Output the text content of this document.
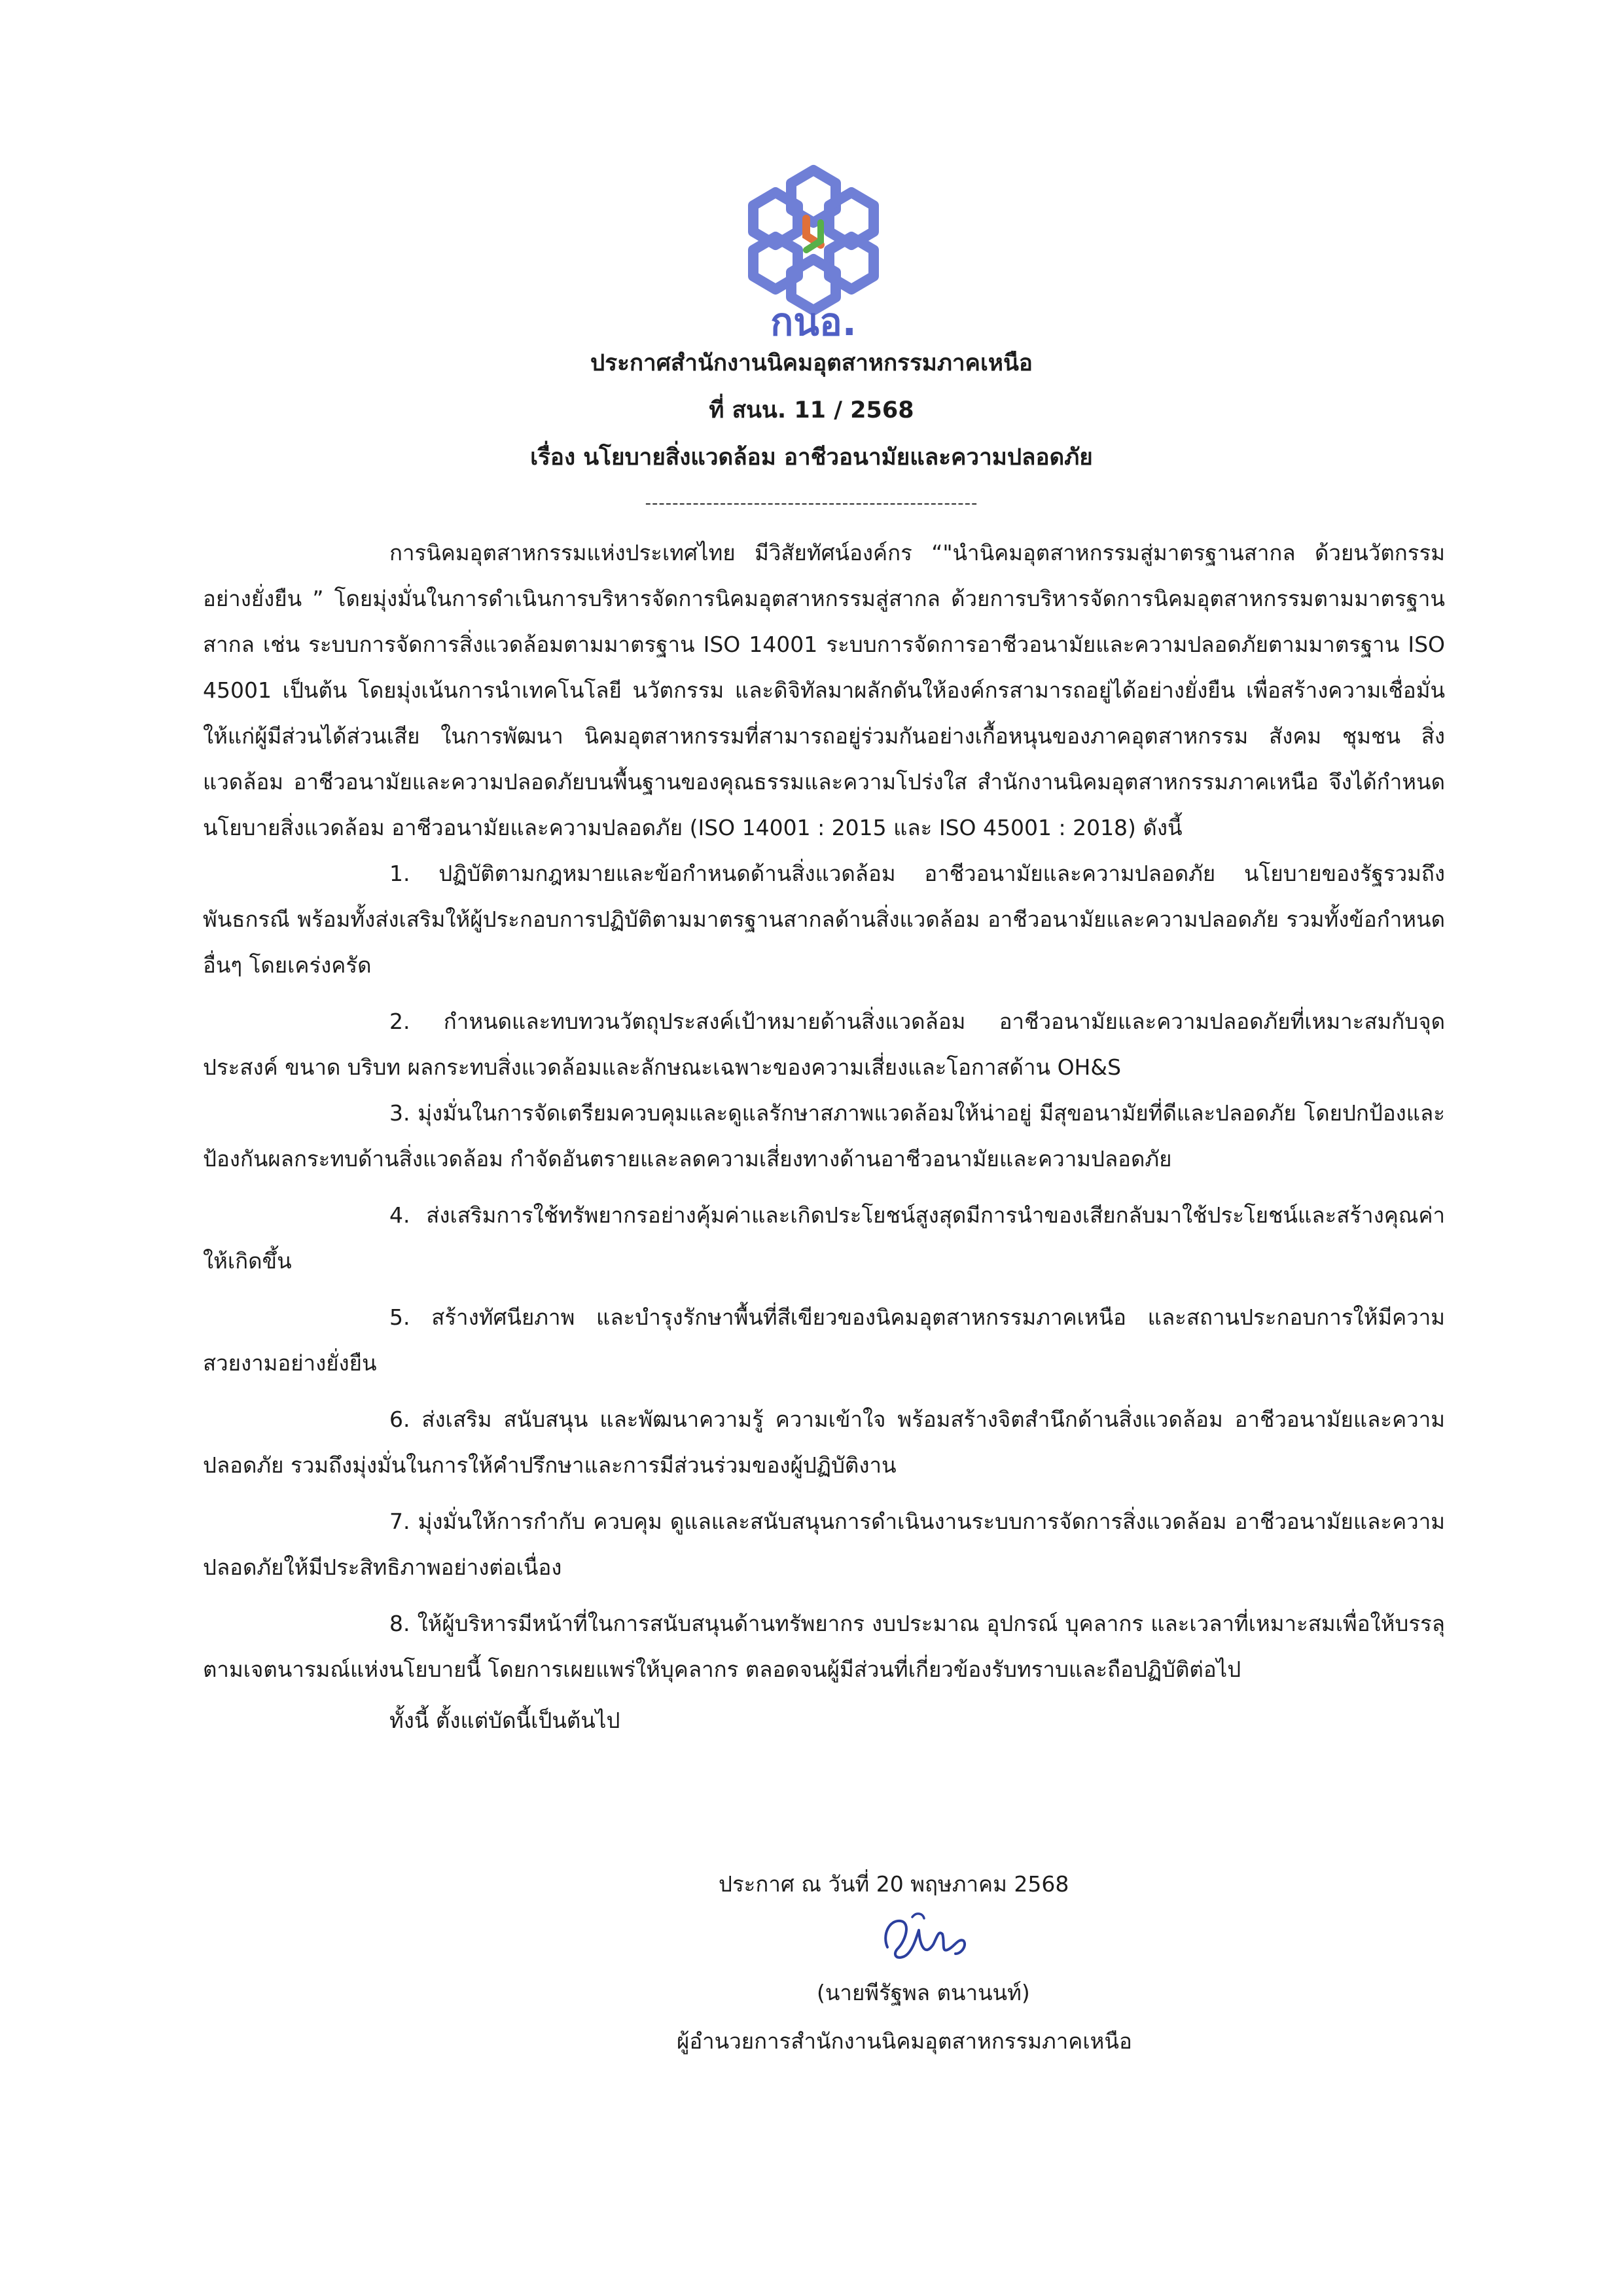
กนอ.
ประกาศสำนักงานนิคมอุตสาหกรรมภาคเหนือ
ที่ สนน. 11 / 2568
เรื่อง นโยบายสิ่งแวดล้อม อาชีวอนามัยและความปลอดภัย
-------------------------------------------------

การนิคมอุตสาหกรรมแห่งประเทศไทย มีวิสัยทัศน์องค์กร “"นำนิคมอุตสาหกรรมสู่มาตรฐานสากล ด้วยนวัตกรรมอย่างยั่งยืน ” โดยมุ่งมั่นในการดำเนินการบริหารจัดการนิคมอุตสาหกรรมสู่สากล ด้วยการบริหารจัดการนิคมอุตสาหกรรมตามมาตรฐานสากล เช่น ระบบการจัดการสิ่งแวดล้อมตามมาตรฐาน ISO 14001 ระบบการจัดการอาชีวอนามัยและความปลอดภัยตามมาตรฐาน ISO 45001 เป็นต้น โดยมุ่งเน้นการนำเทคโนโลยี นวัตกรรม และดิจิทัลมาผลักดันให้องค์กรสามารถอยู่ได้อย่างยั่งยืน เพื่อสร้างความเชื่อมั่นให้แก่ผู้มีส่วนได้ส่วนเสีย ในการพัฒนา นิคมอุตสาหกรรมที่สามารถอยู่ร่วมกันอย่างเกื้อหนุนของภาคอุตสาหกรรม สังคม ชุมชน สิ่งแวดล้อม อาชีวอนามัยและความปลอดภัยบนพื้นฐานของคุณธรรมและความโปร่งใส สำนักงานนิคมอุตสาหกรรมภาคเหนือ จึงได้กำหนดนโยบายสิ่งแวดล้อม อาชีวอนามัยและความปลอดภัย (ISO 14001 : 2015 และ ISO 45001 : 2018) ดังนี้

1. ปฏิบัติตามกฎหมายและข้อกำหนดด้านสิ่งแวดล้อม อาชีวอนามัยและความปลอดภัย นโยบายของรัฐรวมถึงพันธกรณี พร้อมทั้งส่งเสริมให้ผู้ประกอบการปฏิบัติตามมาตรฐานสากลด้านสิ่งแวดล้อม อาชีวอนามัยและความปลอดภัย รวมทั้งข้อกำหนดอื่นๆ โดยเคร่งครัด

2. กำหนดและทบทวนวัตถุประสงค์เป้าหมายด้านสิ่งแวดล้อม อาชีวอนามัยและความปลอดภัยที่เหมาะสมกับจุดประสงค์ ขนาด บริบท ผลกระทบสิ่งแวดล้อมและลักษณะเฉพาะของความเสี่ยงและโอกาสด้าน OH&S

3. มุ่งมั่นในการจัดเตรียมควบคุมและดูแลรักษาสภาพแวดล้อมให้น่าอยู่ มีสุขอนามัยที่ดีและปลอดภัย โดยปกป้องและป้องกันผลกระทบด้านสิ่งแวดล้อม กำจัดอันตรายและลดความเสี่ยงทางด้านอาชีวอนามัยและความปลอดภัย

4. ส่งเสริมการใช้ทรัพยากรอย่างคุ้มค่าและเกิดประโยชน์สูงสุดมีการนำของเสียกลับมาใช้ประโยชน์และสร้างคุณค่าให้เกิดขึ้น

5. สร้างทัศนียภาพ และบำรุงรักษาพื้นที่สีเขียวของนิคมอุตสาหกรรมภาคเหนือ และสถานประกอบการให้มีความสวยงามอย่างยั่งยืน

6. ส่งเสริม สนับสนุน และพัฒนาความรู้ ความเข้าใจ พร้อมสร้างจิตสำนึกด้านสิ่งแวดล้อม อาชีวอนามัยและความปลอดภัย รวมถึงมุ่งมั่นในการให้คำปรึกษาและการมีส่วนร่วมของผู้ปฏิบัติงาน

7. มุ่งมั่นให้การกำกับ ควบคุม ดูแลและสนับสนุนการดำเนินงานระบบการจัดการสิ่งแวดล้อม อาชีวอนามัยและความปลอดภัยให้มีประสิทธิภาพอย่างต่อเนื่อง

8. ให้ผู้บริหารมีหน้าที่ในการสนับสนุนด้านทรัพยากร งบประมาณ อุปกรณ์ บุคลากร และเวลาที่เหมาะสมเพื่อให้บรรลุตามเจตนารมณ์แห่งนโยบายนี้ โดยการเผยแพร่ให้บุคลากร ตลอดจนผู้มีส่วนที่เกี่ยวข้องรับทราบและถือปฏิบัติต่อไป

ทั้งนี้ ตั้งแต่บัดนี้เป็นต้นไป

ประกาศ ณ วันที่ 20 พฤษภาคม 2568
(นายพีรัฐพล ตนานนท์)
ผู้อำนวยการสำนักงานนิคมอุตสาหกรรมภาคเหนือ
